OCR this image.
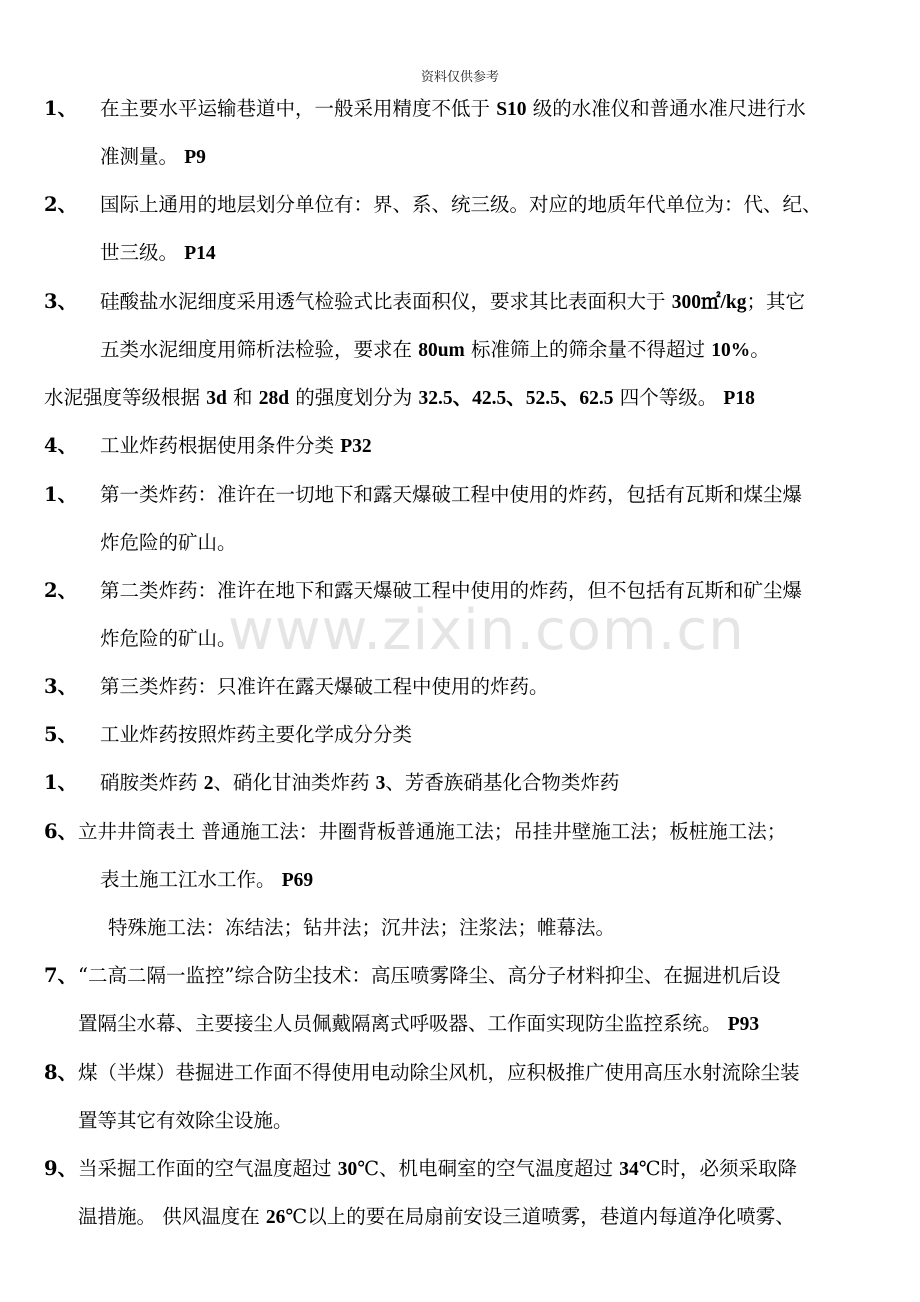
资料仅供参考
www.zixin.com.cn
1、 在主要水平运输巷道中，一般采用精度不低于 S10 级的水准仪和普通水准尺进行水
准测量。 P9
2、 国际上通用的地层划分单位有：界、系、统三级。对应的地质年代单位为：代、纪、
世三级。 P14
3、 硅酸盐水泥细度采用透气检验式比表面积仪，要求其比表面积大于 300㎡/kg；其它
五类水泥细度用筛析法检验，要求在 80um 标准筛上的筛余量不得超过 10%。
水泥强度等级根据 3d 和 28d 的强度划分为 32.5、42.5、52.5、62.5 四个等级。 P18
4、 工业炸药根据使用条件分类 P32
1、 第一类炸药：准许在一切地下和露天爆破工程中使用的炸药，包括有瓦斯和煤尘爆
炸危险的矿山。
2、 第二类炸药：准许在地下和露天爆破工程中使用的炸药，但不包括有瓦斯和矿尘爆
炸危险的矿山。
3、 第三类炸药：只准许在露天爆破工程中使用的炸药。
5、 工业炸药按照炸药主要化学成分分类
1、 硝胺类炸药 2、硝化甘油类炸药 3、芳香族硝基化合物类炸药
6、 立井井筒表土 普通施工法：井圈背板普通施工法；吊挂井壁施工法；板桩施工法；
表土施工江水工作。 P69
特殊施工法：冻结法；钻井法；沉井法；注浆法；帷幕法。
7、 “二高二隔一监控”综合防尘技术：高压喷雾降尘、高分子材料抑尘、在掘进机后设
置隔尘水幕、主要接尘人员佩戴隔离式呼吸器、工作面实现防尘监控系统。 P93
8、 煤（半煤）巷掘进工作面不得使用电动除尘风机，应积极推广使用高压水射流除尘装
置等其它有效除尘设施。
9、 当采掘工作面的空气温度超过 30℃、机电硐室的空气温度超过 34℃时，必须采取降
温措施。 供风温度在 26℃以上的要在局扇前安设三道喷雾，巷道内每道净化喷雾、
